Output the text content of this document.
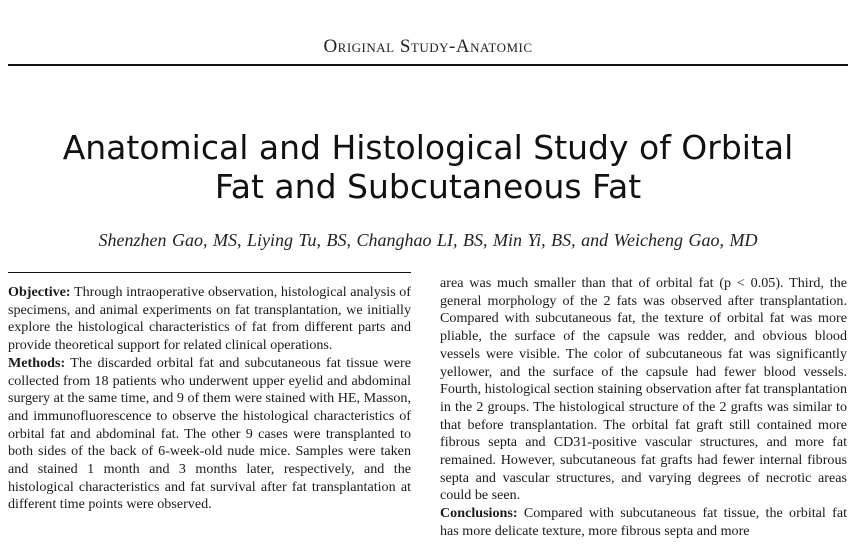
Original Study-Anatomic
Anatomical and Histological Study of Orbital Fat and Subcutaneous Fat
Shenzhen Gao, MS, Liying Tu, BS, Changhao LI, BS, Min Yi, BS, and Weicheng Gao, MD

Objective: Through intraoperative observation, histological analysis of specimens, and animal experiments on fat transplantation, we initially explore the histological characteristics of fat from different parts and provide theoretical support for related clinical operations.

Methods: The discarded orbital fat and subcutaneous fat tissue were collected from 18 patients who underwent upper eyelid and abdominal surgery at the same time, and 9 of them were stained with HE, Masson, and immunofluorescence to observe the histological characteristics of orbital fat and abdominal fat. The other 9 cases were transplanted to both sides of the back of 6-week-old nude mice. Samples were taken and stained 1 month and 3 months later, respectively, and the histological characteristics and fat survival after fat transplantation at different time points were observed.

area was much smaller than that of orbital fat (p < 0.05). Third, the general morphology of the 2 fats was observed after transplantation. Compared with subcutaneous fat, the texture of orbital fat was more pliable, the surface of the capsule was redder, and obvious blood vessels were visible. The color of subcutaneous fat was significantly yellower, and the surface of the capsule had fewer blood vessels. Fourth, histological section staining observation after fat transplantation in the 2 groups. The histological structure of the 2 grafts was similar to that before transplantation. The orbital fat graft still contained more fibrous septa and CD31-positive vascular structures, and more fat remained. However, subcutaneous fat grafts had fewer internal fibrous septa and vascular structures, and varying degrees of necrotic areas could be seen.

Conclusions: Compared with subcutaneous fat tissue, the orbital fat has more delicate texture, more fibrous septa and more
